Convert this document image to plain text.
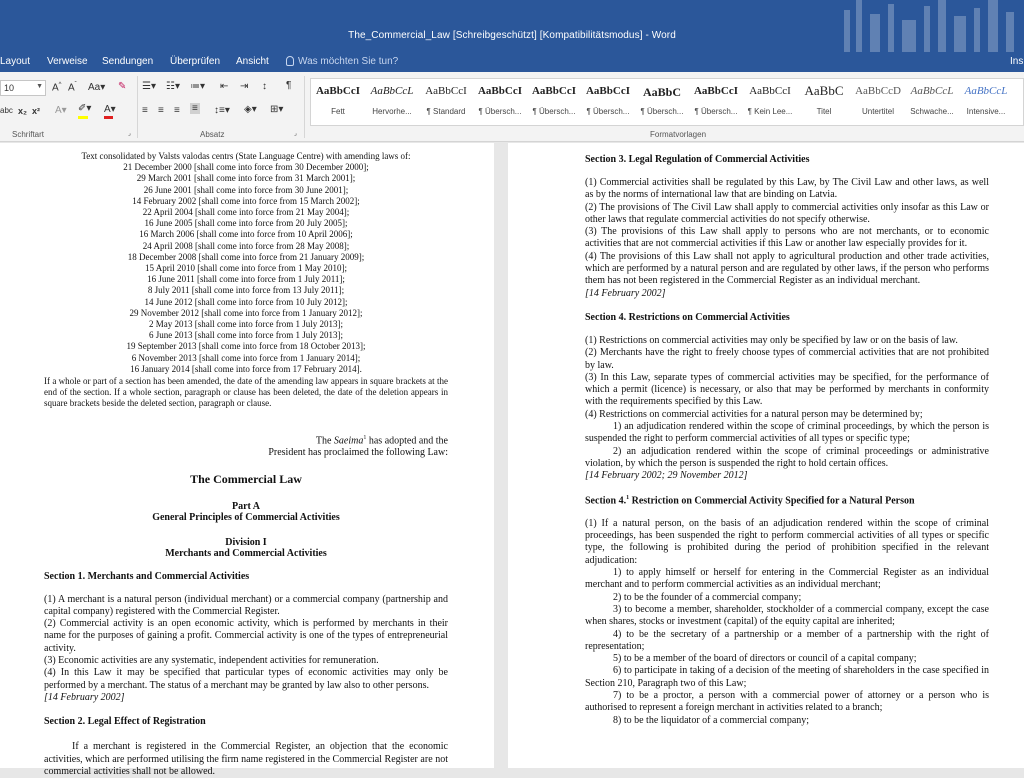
The_Commercial_Law [Schreibgeschützt] [Kompatibilitätsmodus] - Word
Layout Verweise Sendungen Überprüfen Ansicht	Was möchten Sie tun?	Ins
10	▼ A^ $A^ˇ$ Aa▾ ✎
abc x₂ x² A▾ ✐▾ A▾
Schriftart	⌟
☰▾ ☷▾ ≔▾ ⇤ ⇥ ↕ ¶
≡ ≡ ≡ ≡ ↕≡▾ ◈▾ ⊞▾
Absatz	⌟
AaBbCcI
Fett
AaBbCcL
Hervorhe...
AaBbCcI
¶ Standard
AaBbCcI
¶ Übersch...
AaBbCcI
¶ Übersch...
AaBbCcI
¶ Übersch...
AaBbC
¶ Übersch...
AaBbCcI
¶ Übersch...
AaBbCcI
¶ Kein Lee...
AaBbC
Titel
AaBbCcD
Untertitel
AaBbCcL
Schwache...
AaBbCcL
Intensive...
Formatvorlagen
Text consolidated by Valsts valodas centrs (State Language Centre) with amending laws of:
21 December 2000 [shall come into force from 30 December 2000];
29 March 2001 [shall come into force from 31 March 2001];
26 June 2001 [shall come into force from 30 June 2001];
14 February 2002 [shall come into force from 15 March 2002];
22 April 2004 [shall come into force from 21 May 2004];
16 June 2005 [shall come into force from 20 July 2005];
16 March 2006 [shall come into force from 10 April 2006];
24 April 2008 [shall come into force from 28 May 2008];
18 December 2008 [shall come into force from 21 January 2009];
15 April 2010 [shall come into force from 1 May 2010];
16 June 2011 [shall come into force from 1 July 2011];
8 July 2011 [shall come into force from 13 July 2011];
14 June 2012 [shall come into force from 10 July 2012];
29 November 2012 [shall come into force from 1 January 2012];
2 May 2013 [shall come into force from 1 July 2013];
6 June 2013 [shall come into force from 1 July 2013];
19 September 2013 [shall come into force from 18 October 2013];
6 November 2013 [shall come into force from 1 January 2014];
16 January 2014 [shall come into force from 17 February 2014].
If a whole or part of a section has been amended, the date of the amending law appears in square brackets at the end of the section. If a whole section, paragraph or clause has been deleted, the date of the deletion appears in square brackets beside the deleted section, paragraph or clause.
The Saeima$^1$ has adopted and the
President has proclaimed the following Law:
The Commercial Law
Part A
General Principles of Commercial Activities
Division I
Merchants and Commercial Activities
Section 1. Merchants and Commercial Activities
(1) A merchant is a natural person (individual merchant) or a commercial company (partnership and capital company) registered with the Commercial Register.
(2) Commercial activity is an open economic activity, which is performed by merchants in their name for the purposes of gaining a profit. Commercial activity is one of the types of entrepreneurial activity.
(3) Economic activities are any systematic, independent activities for remuneration.
(4) In this Law it may be specified that particular types of economic activities may only be performed by a merchant. The status of a merchant may be granted by law also to other persons.
[14 February 2002]
Section 2. Legal Effect of Registration
If a merchant is registered in the Commercial Register, an objection that the economic activities, which are performed utilising the firm name registered in the Commercial Register are not commercial activities shall not be allowed.
Section 3. Legal Regulation of Commercial Activities
(1) Commercial activities shall be regulated by this Law, by The Civil Law and other laws, as well as by the norms of international law that are binding on Latvia.
(2) The provisions of The Civil Law shall apply to commercial activities only insofar as this Law or other laws that regulate commercial activities do not specify otherwise.
(3) The provisions of this Law shall apply to persons who are not merchants, or to economic activities that are not commercial activities if this Law or another law especially provides for it.
(4) The provisions of this Law shall not apply to agricultural production and other trade activities, which are performed by a natural person and are regulated by other laws, if the person who performs them has not been registered in the Commercial Register as an individual merchant.
[14 February 2002]
Section 4. Restrictions on Commercial Activities
(1) Restrictions on commercial activities may only be specified by law or on the basis of law.
(2) Merchants have the right to freely choose types of commercial activities that are not prohibited by law.
(3) In this Law, separate types of commercial activities may be specified, for the performance of which a permit (licence) is necessary, or also that may be performed by merchants in conformity with the requirements specified by this Law.
(4) Restrictions on commercial activities for a natural person may be determined by;
1) an adjudication rendered within the scope of criminal proceedings, by which the person is suspended the right to perform commercial activities of all types or specific type;
2) an adjudication rendered within the scope of criminal proceedings or administrative violation, by which the person is suspended the right to hold certain offices.
[14 February 2002; 29 November 2012]
Section 4.$^1$ Restriction on Commercial Activity Specified for a Natural Person
(1) If a natural person, on the basis of an adjudication rendered within the scope of criminal proceedings, has been suspended the right to perform commercial activities of all types or specific type, the following is prohibited during the period of prohibition specified in the relevant adjudication:
1) to apply himself or herself for entering in the Commercial Register as an individual merchant and to perform commercial activities as an individual merchant;
2) to be the founder of a commercial company;
3) to become a member, shareholder, stockholder of a commercial company, except the case when shares, stocks or investment (capital) of the equity capital are inherited;
4) to be the secretary of a partnership or a member of a partnership with the right of representation;
5) to be a member of the board of directors or council of a capital company;
6) to participate in taking of a decision of the meeting of shareholders in the case specified in Section 210, Paragraph two of this Law;
7) to be a proctor, a person with a commercial power of attorney or a person who is authorised to represent a foreign merchant in activities related to a branch;
8) to be the liquidator of a commercial company;
